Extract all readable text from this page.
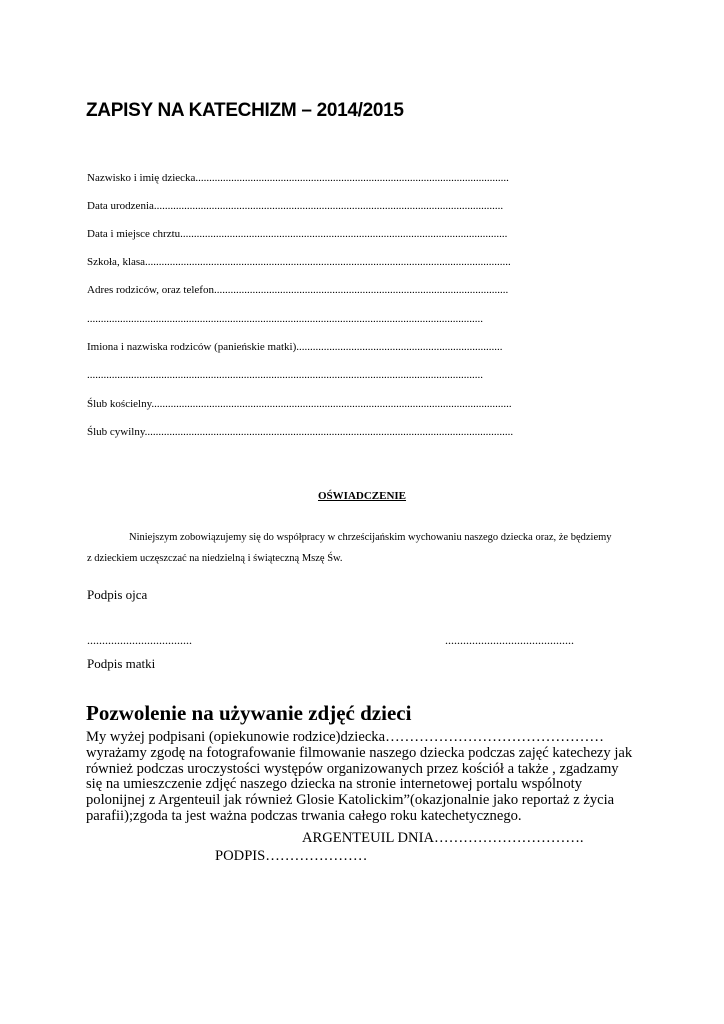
ZAPISY NA KATECHIZM – 2014/2015
Nazwisko i imię dziecka..................................................................................................................
Data urodzenia...............................................................................................................................
Data i miejsce chrztu.......................................................................................................................
Szkoła, klasa.....................................................................................................................................
Adres rodziców, oraz telefon...........................................................................................................
................................................................................................................................................
Imiona i nazwiska rodziców (panieńskie matki)...........................................................................
................................................................................................................................................
Ślub kościelny...................................................................................................................................
Ślub cywilny......................................................................................................................................
OŚWIADCZENIE
Niniejszym zobowiązujemy się do współpracy w chrześcijańskim wychowaniu naszego dziecka oraz, że będziemy
z dzieckiem uczęszczać na niedzielną i świąteczną Mszę Św.
Podpis ojca
...................................	...........................................
Podpis matki
Pozwolenie na używanie zdjęć dzieci
My wyżej podpisani (opiekunowie rodzice)dziecka………………………………………
wyrażamy zgodę na fotografowanie filmowanie naszego dziecka podczas zajęć katechezy jak
również podczas uroczystości występów organizowanych przez kościół a także , zgadzamy
się na umieszczenie zdjęć naszego dziecka na stronie internetowej portalu wspólnoty
polonijnej z Argenteuil jak również Glosie Katolickim”(okazjonalnie jako reportaż z życia
parafii);zgoda ta jest ważna podczas trwania całego roku katechetycznego.
ARGENTEUIL DNIA………………………….
PODPIS…………………
